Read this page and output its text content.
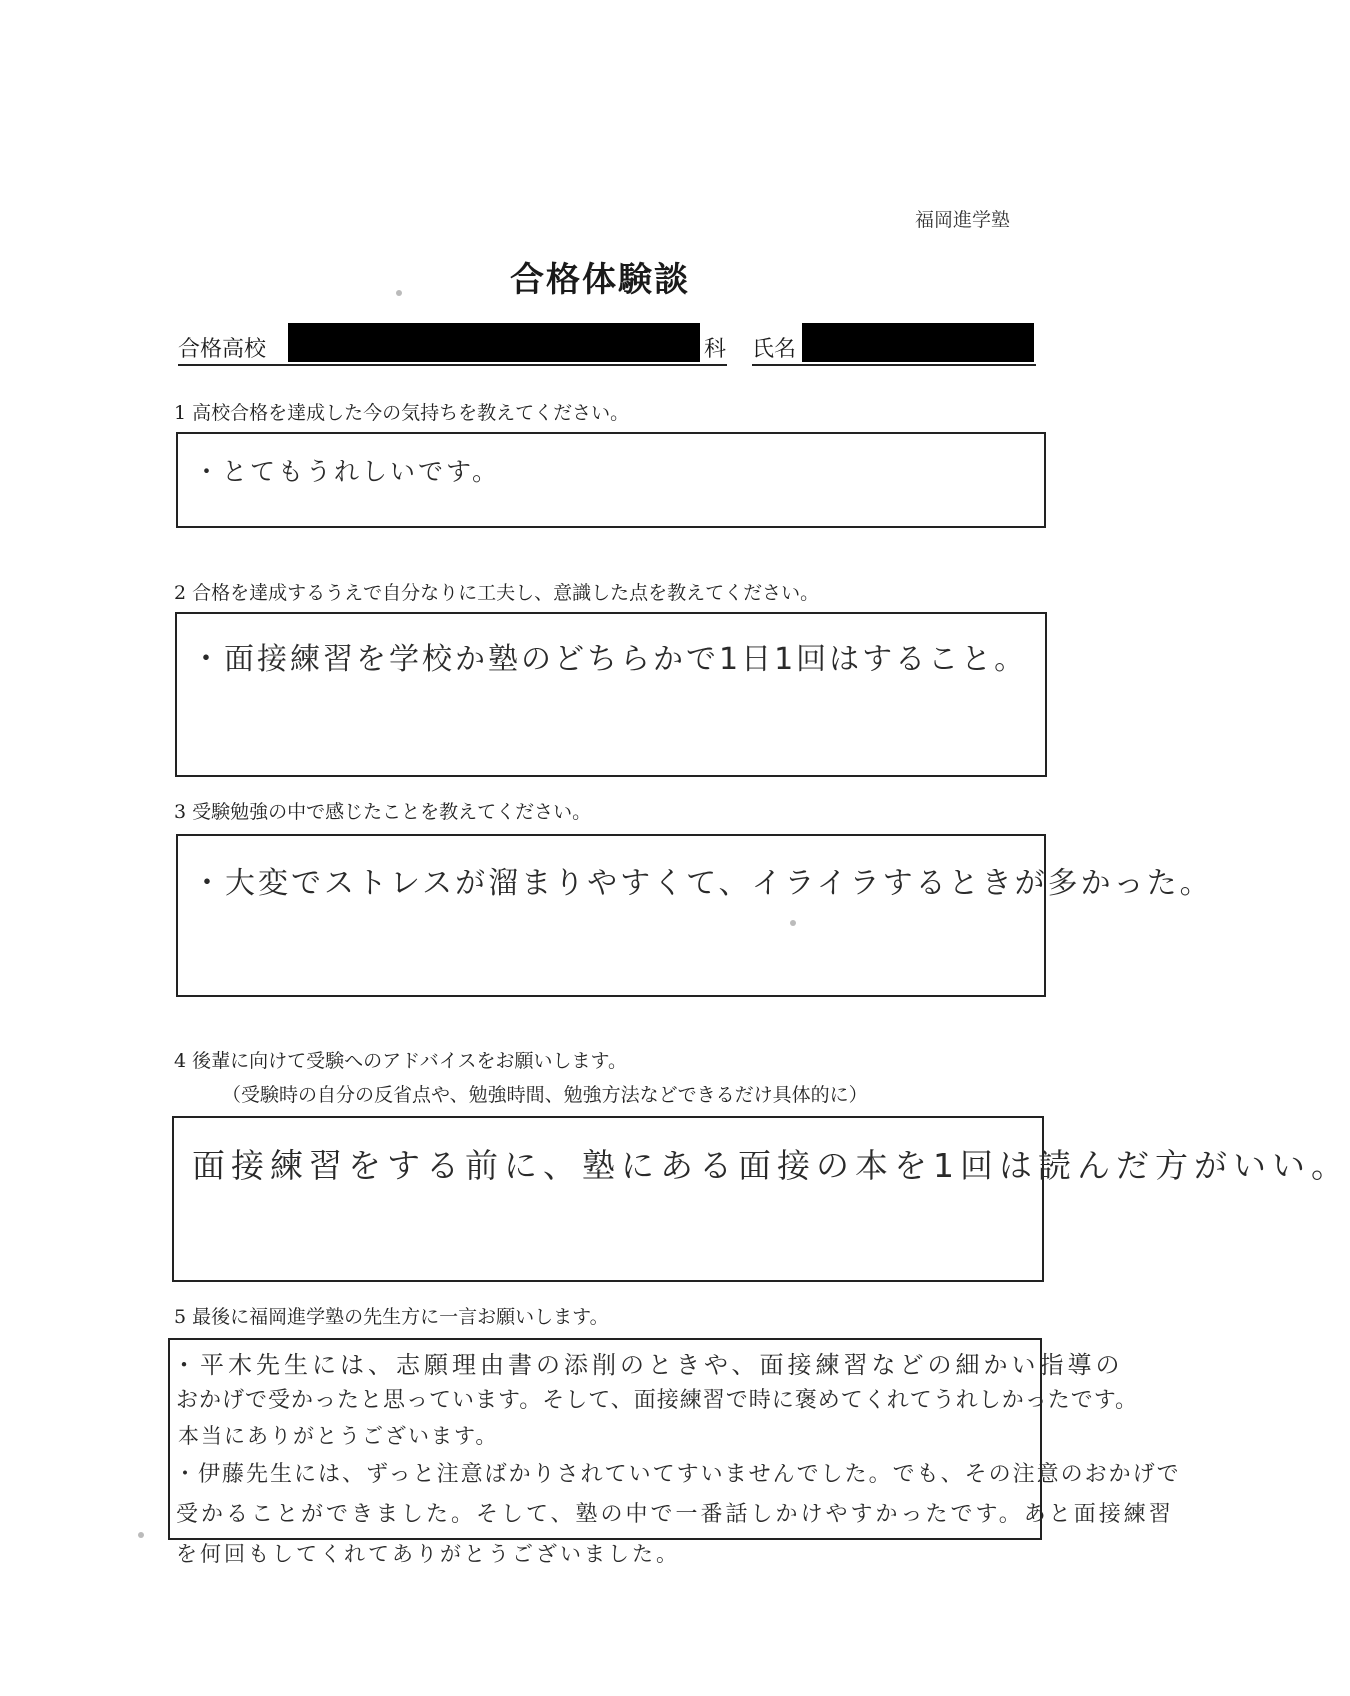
福岡進学塾
合格体験談
合格高校	科 氏名
1 高校合格を達成した今の気持ちを教えてください。
・とてもうれしいです。
2 合格を達成するうえで自分なりに工夫し、意識した点を教えてください。
・面接練習を学校か塾のどちらかで1日1回はすること。
3 受験勉強の中で感じたことを教えてください。
・大変でストレスが溜まりやすくて、イライラするときが多かった。
4 後輩に向けて受験へのアドバイスをお願いします。
（受験時の自分の反省点や、勉強時間、勉強方法などできるだけ具体的に）
面接練習をする前に、塾にある面接の本を1回は読んだ方がいい。
5 最後に福岡進学塾の先生方に一言お願いします。
・平木先生には、志願理由書の添削のときや、面接練習などの細かい指導の
おかげで受かったと思っています。そして、面接練習で時に褒めてくれてうれしかったです。
本当にありがとうございます。
・伊藤先生には、ずっと注意ばかりされていてすいませんでした。でも、その注意のおかげで
受かることができました。そして、塾の中で一番話しかけやすかったです。あと面接練習
を何回もしてくれてありがとうございました。
